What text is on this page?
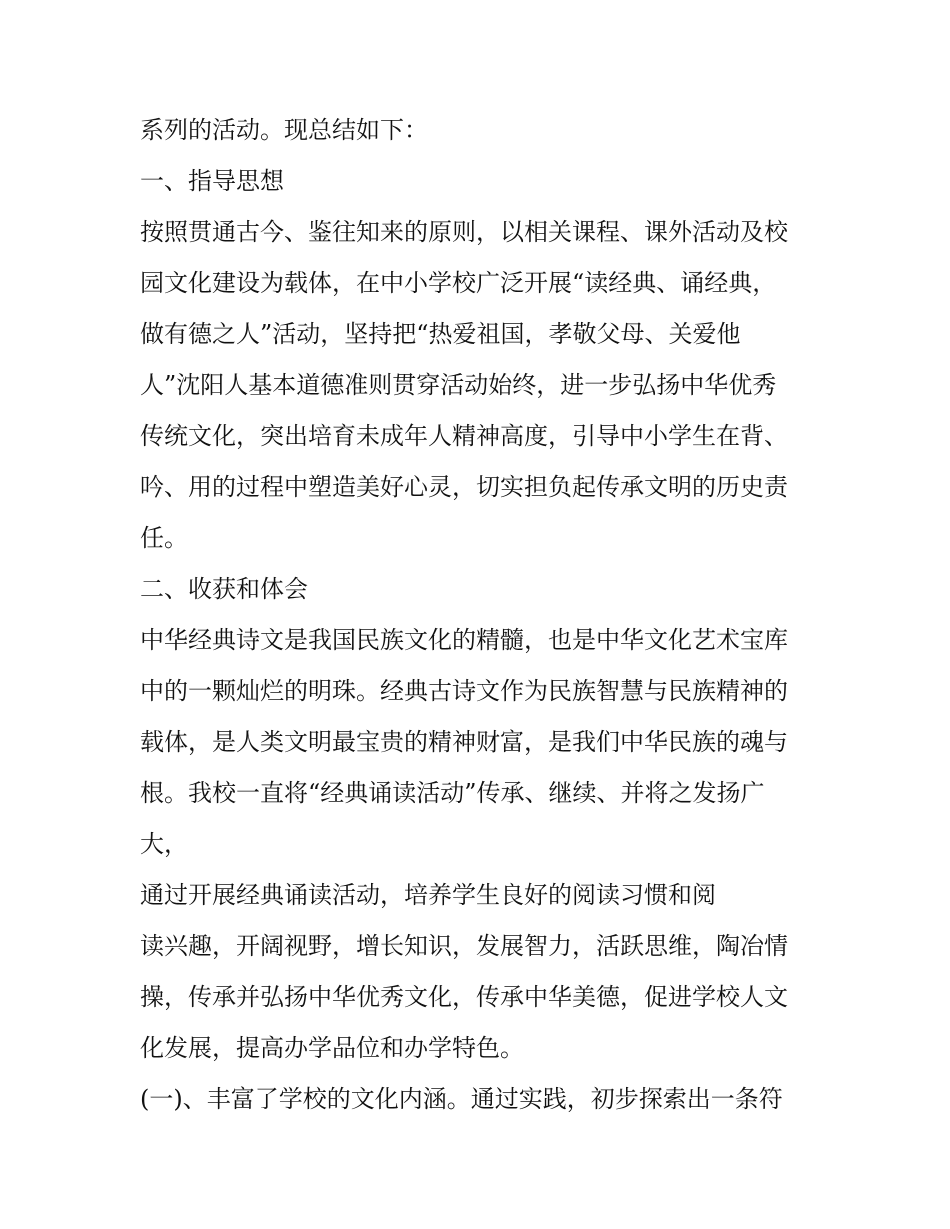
系列的活动。现总结如下：
一、指导思想
按照贯通古今、鉴往知来的原则，以相关课程、课外活动及校
园文化建设为载体，在中小学校广泛开展“读经典、诵经典，
做有德之人”活动，坚持把“热爱祖国，孝敬父母、关爱他
人”沈阳人基本道德准则贯穿活动始终，进一步弘扬中华优秀
传统文化，突出培育未成年人精神高度，引导中小学生在背、
吟、用的过程中塑造美好心灵，切实担负起传承文明的历史责
任。
二、收获和体会
中华经典诗文是我国民族文化的精髓，也是中华文化艺术宝库
中的一颗灿烂的明珠。经典古诗文作为民族智慧与民族精神的
载体，是人类文明最宝贵的精神财富，是我们中华民族的魂与
根。我校一直将“经典诵读活动”传承、继续、并将之发扬广
大，
通过开展经典诵读活动，培养学生良好的阅读习惯和阅
读兴趣，开阔视野，增长知识，发展智力，活跃思维，陶冶情
操，传承并弘扬中华优秀文化，传承中华美德，促进学校人文
化发展，提高办学品位和办学特色。
(一)、丰富了学校的文化内涵。通过实践，初步探索出一条符
